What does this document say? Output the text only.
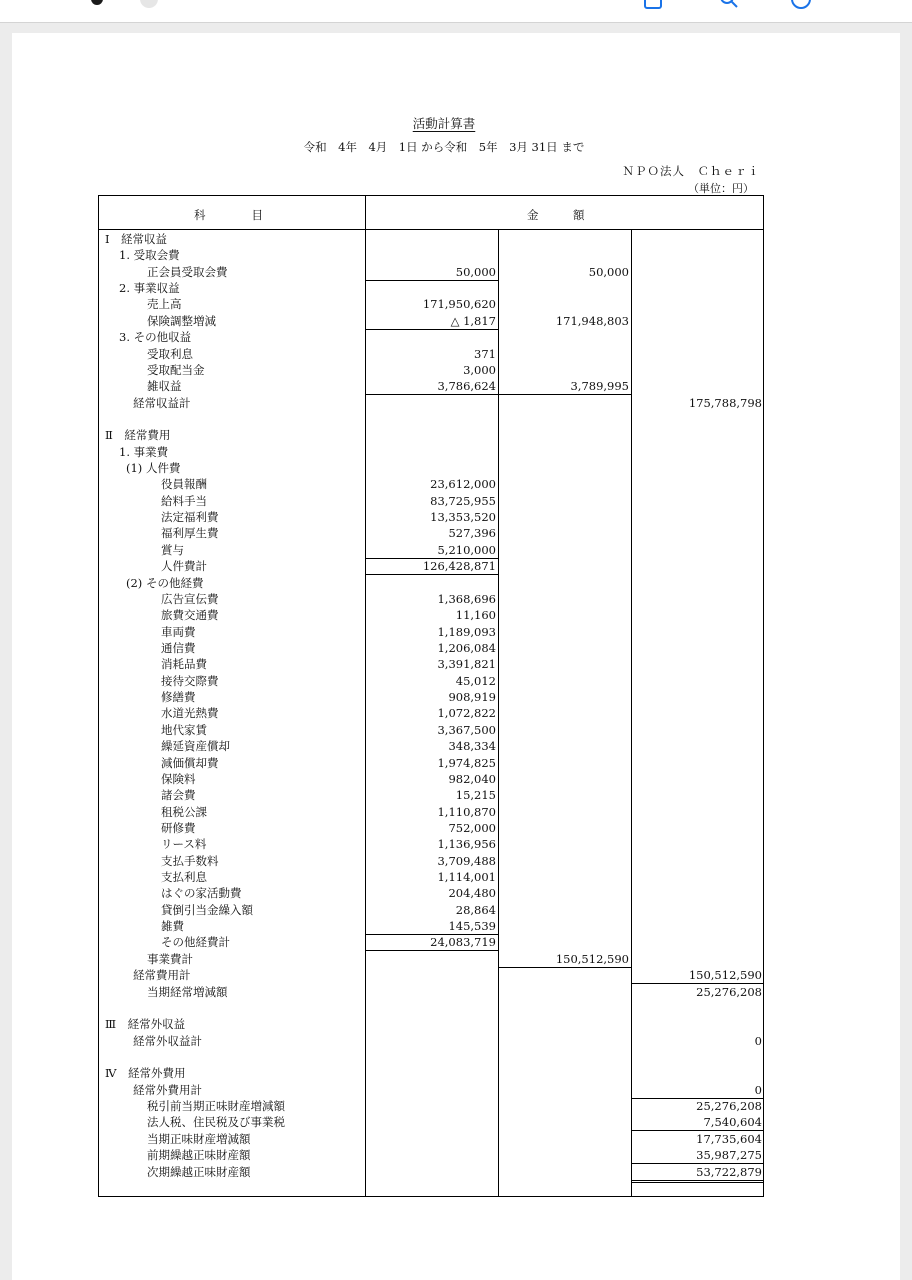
活動計算書
令和　4年　4月　1日 から令和　5年　3月 31日 まで
ＮＰＯ法人　Ｃｈｅｒｉ
（単位：円）
科　　　　目	金　　　額
Ⅰ　経常収益
1. 受取会費
正会員受取会費	50,000	50,000
2. 事業収益
売上高	171,950,620
保険調整増減	△ 1,817	171,948,803
3. その他収益
受取利息	371
受取配当金	3,000
雑収益	3,786,624	3,789,995
経常収益計	175,788,798
Ⅱ　経常費用
1. 事業費
(1) 人件費
役員報酬	23,612,000
給料手当	83,725,955
法定福利費	13,353,520
福利厚生費	527,396
賞与	5,210,000
人件費計	126,428,871
(2) その他経費
広告宣伝費	1,368,696
旅費交通費	11,160
車両費	1,189,093
通信費	1,206,084
消耗品費	3,391,821
接待交際費	45,012
修繕費	908,919
水道光熱費	1,072,822
地代家賃	3,367,500
繰延資産償却	348,334
減価償却費	1,974,825
保険料	982,040
諸会費	15,215
租税公課	1,110,870
研修費	752,000
リース料	1,136,956
支払手数料	3,709,488
支払利息	1,114,001
はぐの家活動費	204,480
貸倒引当金繰入額	28,864
雑費	145,539
その他経費計	24,083,719
事業費計	150,512,590
経常費用計	150,512,590
当期経常増減額	25,276,208
Ⅲ　経常外収益
経常外収益計	0
Ⅳ　経常外費用
経常外費用計	0
税引前当期正味財産増減額	25,276,208
法人税、住民税及び事業税	7,540,604
当期正味財産増減額	17,735,604
前期繰越正味財産額	35,987,275
次期繰越正味財産額	53,722,879
